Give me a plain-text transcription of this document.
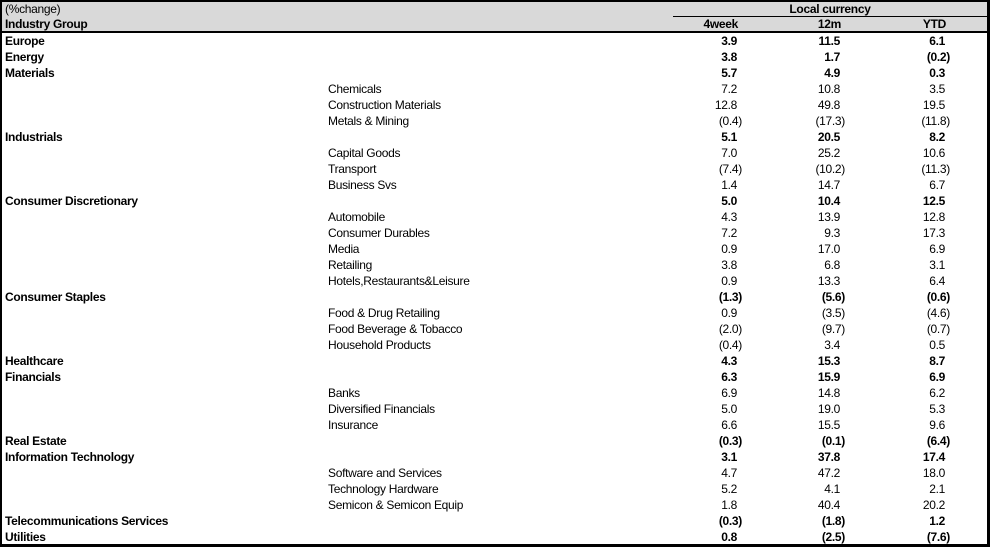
(%change)	Local currency
Industry Group	4week	12m	YTD
Europe	3.9	11.5	6.1
Energy	3.8	1.7	(0.2)
Materials	5.7	4.9	0.3
Chemicals	7.2	10.8	3.5
Construction Materials	12.8	49.8	19.5
Metals & Mining	(0.4)	(17.3)	(11.8)
Industrials	5.1	20.5	8.2
Capital Goods	7.0	25.2	10.6
Transport	(7.4)	(10.2)	(11.3)
Business Svs	1.4	14.7	6.7
Consumer Discretionary	5.0	10.4	12.5
Automobile	4.3	13.9	12.8
Consumer Durables	7.2	9.3	17.3
Media	0.9	17.0	6.9
Retailing	3.8	6.8	3.1
Hotels,Restaurants&Leisure	0.9	13.3	6.4
Consumer Staples	(1.3)	(5.6)	(0.6)
Food & Drug Retailing	0.9	(3.5)	(4.6)
Food Beverage & Tobacco	(2.0)	(9.7)	(0.7)
Household Products	(0.4)	3.4	0.5
Healthcare	4.3	15.3	8.7
Financials	6.3	15.9	6.9
Banks	6.9	14.8	6.2
Diversified Financials	5.0	19.0	5.3
Insurance	6.6	15.5	9.6
Real Estate	(0.3)	(0.1)	(6.4)
Information Technology	3.1	37.8	17.4
Software and Services	4.7	47.2	18.0
Technology Hardware	5.2	4.1	2.1
Semicon & Semicon Equip	1.8	40.4	20.2
Telecommunications Services	(0.3)	(1.8)	1.2
Utilities	0.8	(2.5)	(7.6)
